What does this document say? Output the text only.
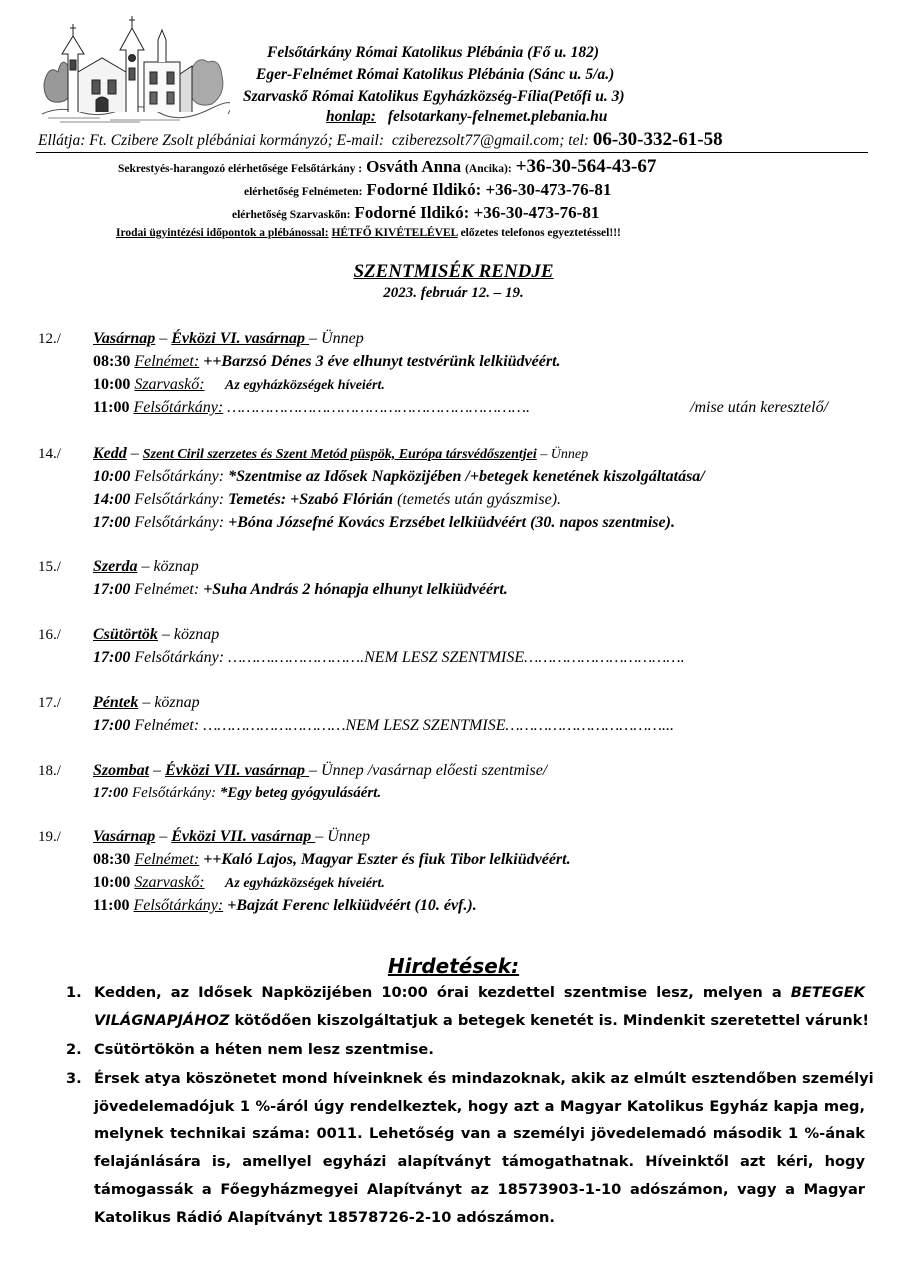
Felsőtárkány Római Katolikus Plébánia (Fő u. 182)
Eger-Felnémet Római Katolikus Plébánia (Sánc u. 5/a.)
Szarvaskő Római Katolikus Egyházközség-Fília(Petőfi u. 3)
honlap: felsotarkany-felnemet.plebania.hu
Ellátja: Ft. Czibere Zsolt plébániai kormányzó; E-mail: cziberezsolt77@gmail.com; tel: 06-30-332-61-58
Sekrestyés-harangozó elérhetősége Felsőtárkány : Osváth Anna (Ancika): +36-30-564-43-67
elérhetőség Felnémeten: Fodorné Ildikó: +36-30-473-76-81
elérhetőség Szarvaskőn: Fodorné Ildikó: +36-30-473-76-81
Irodai ügyintézési időpontok a plébánossal: HÉTFŐ KIVÉTELÉVEL előzetes telefonos egyeztetéssel!!!
SZENTMISÉK RENDJE
2023. február 12. – 19.
12./ Vasárnap – Évközi VI. vasárnap – Ünnep
08:30 Felnémet: ++Barzsó Dénes 3 éve elhunyt testvérünk lelkiüdvéért.
10:00 Szarvaskő:      Az egyházközségek híveiért.
11:00 Felsőtárkány: ……………………………………………………….	/mise után keresztelő/
14./ Kedd – Szent Ciril szerzetes és Szent Metód püspök, Európa társvédőszentjei – Ünnep
10:00 Felsőtárkány: *Szentmise az Idősek Napközijében /+betegek kenetének kiszolgáltatása/
14:00 Felsőtárkány: Temetés: +Szabó Flórián (temetés után gyászmise).
17:00 Felsőtárkány: +Bóna Józsefné Kovács Erzsébet lelkiüdvéért (30. napos szentmise).
15./ Szerda – köznap
17:00 Felnémet: +Suha András 2 hónapja elhunyt lelkiüdvéért.
16./ Csütörtök – köznap
17:00 Felsőtárkány: ……….……………….NEM LESZ SZENTMISE…………………………….
17./ Péntek – köznap
17:00 Felnémet: …………………………NEM LESZ SZENTMISE……………………………...
18./ Szombat – Évközi VII. vasárnap – Ünnep /vasárnap előesti szentmise/
17:00 Felsőtárkány: *Egy beteg gyógyulásáért.
19./ Vasárnap – Évközi VII. vasárnap – Ünnep
08:30 Felnémet: ++Kaló Lajos, Magyar Eszter és fiuk Tibor lelkiüdvéért.
10:00 Szarvaskő:      Az egyházközségek híveiért.
11:00 Felsőtárkány: +Bajzát Ferenc lelkiüdvéért (10. évf.).
Hirdetések:
1. Kedden, az Idősek Napközijében 10:00 órai kezdettel szentmise lesz, melyen a BETEGEK
VILÁGNAPJÁHOZ kötődően kiszolgáltatjuk a betegek kenetét is. Mindenkit szeretettel várunk!
2. Csütörtökön a héten nem lesz szentmise.
3. Érsek atya köszönetet mond híveinknek és mindazoknak, akik az elmúlt esztendőben személyi
jövedelemadójuk 1 %-áról úgy rendelkeztek, hogy azt a Magyar Katolikus Egyház kapja meg,
melynek technikai száma: 0011. Lehetőség van a személyi jövedelemadó második 1 %-ának
felajánlására is, amellyel egyházi alapítványt támogathatnak. Híveinktől azt kéri, hogy
támogassák a Főegyházmegyei Alapítványt az 18573903-1-10 adószámon, vagy a Magyar
Katolikus Rádió Alapítványt 18578726-2-10 adószámon.
